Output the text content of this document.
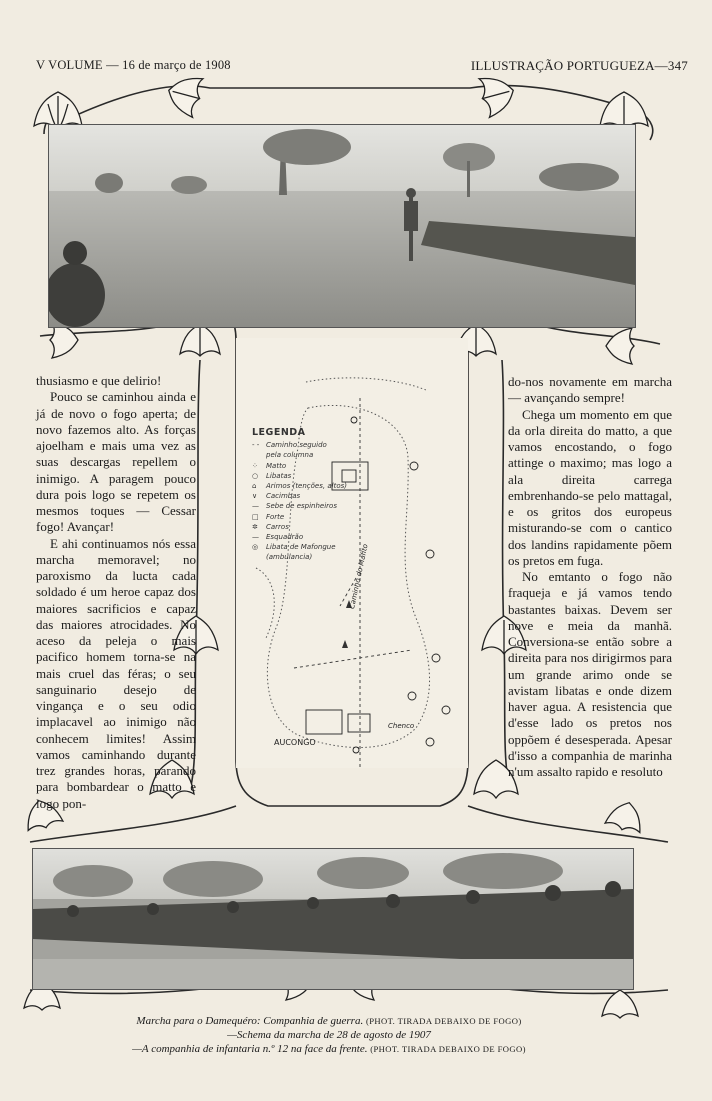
V VOLUME — 16 de março de 1908	ILLUSTRAÇÃO PORTUGUEZA—347
LEGENDA
‐ ‐ Caminho seguido
pela columna
⁘ Matto
○ Libatas
⌂ Arimos (tenções, altos)
∨ Cacimbas
— Sebe de espinheiros
□ Forte
✲ Carros
— Esquadrão
◎ Libata de Mafongue
(ambulancia)
Chenco
AUCONGO
Caminho do Mafito

thusiasmo e que delirio!

Pouco se caminhou ainda e já de novo o fogo aperta; de novo fazemos alto. As forças ajoelham e mais uma vez as suas descargas repellem o inimigo. A paragem pouco dura pois logo se repetem os mesmos toques — Cessar fogo! Avançar!

E ahi continuamos nós essa marcha memoravel; no paroxismo da lucta cada soldado é um heroe capaz dos maiores sacrificios e capaz das maiores atrocidades. No aceso da peleja o mais pacifico homem torna-se na mais cruel das féras; o seu sanguinario desejo de vingança e o seu odio implacavel ao inimigo não conhecem limites! Assim vamos caminhando durante trez grandes horas, parando para bombardear o matto e logo pon-

do-nos novamente em marcha — avançando sempre!

Chega um momento em que da orla direita do matto, a que vamos encostando, o fogo attinge o maximo; mas logo a ala direita carrega embrenhando-se pelo mattagal, e os gritos dos europeus misturando-se com o cantico dos landins rapidamente põem os pretos em fuga.

No emtanto o fogo não fraqueja e já vamos tendo bastantes baixas. Devem ser nove e meia da manhã. Conversiona-se então sobre a direita para nos dirigirmos para um grande arimo onde se avistam libatas e onde dizem haver agua. A resistencia que d'esse lado os pretos nos oppõem é desesperada. Apesar d'isso a companhia de marinha n'um assalto rapido e resoluto

Marcha para o Damequéro: Companhia de guerra. (PHOT. TIRADA DEBAIXO DE FOGO)
—Schema da marcha de 28 de agosto de 1907
—A companhia de infantaria n.º 12 na face da frente. (PHOT. TIRADA DEBAIXO DE FOGO)
